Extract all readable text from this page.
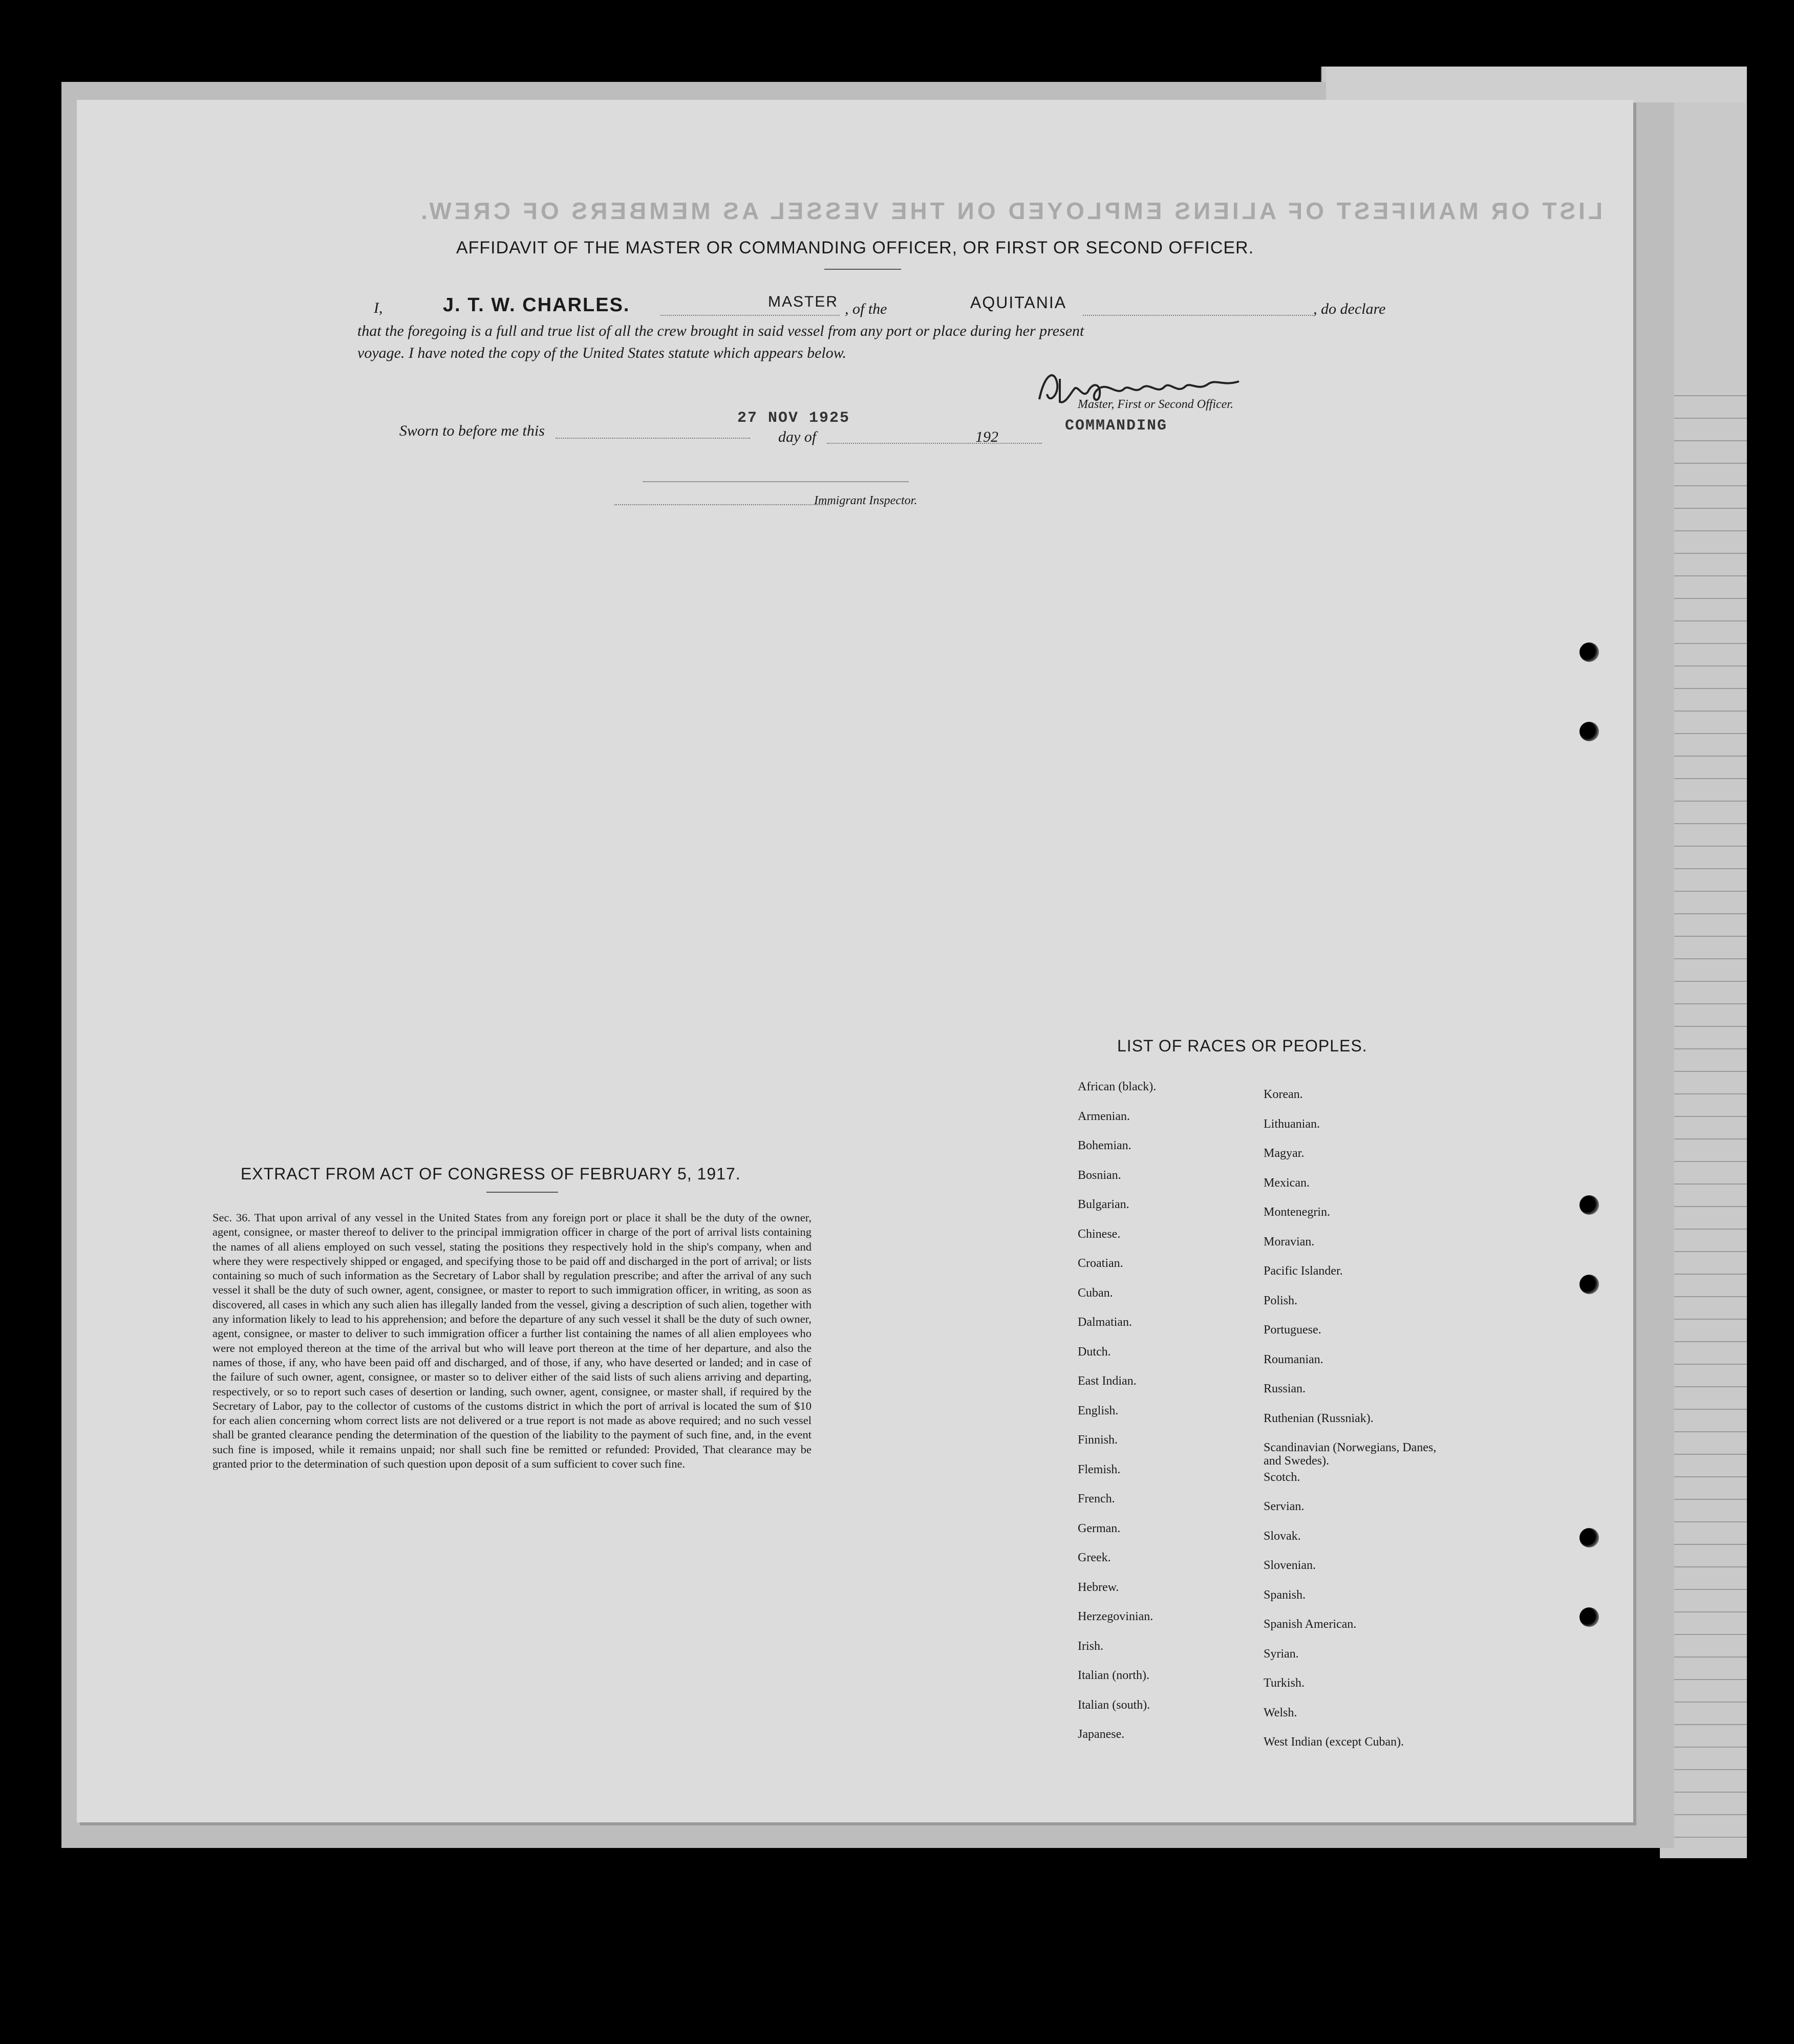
LIST OR MANIFEST OF ALIENS EMPLOYED ON THE VESSEL AS MEMBERS OF CREW.
AFFIDAVIT OF THE MASTER OR COMMANDING OFFICER, OR FIRST OR SECOND OFFICER.
I,	J. T. W. CHARLES.	MASTER , of the	AQUITANIA	, do declare
that the foregoing is a full and true list of all the crew brought in said vessel from any port or place during her present
voyage. I have noted the copy of the United States statute which appears below.
Master, First or Second Officer.
Sworn to before me this
27 NOV 1925
day of	192
COMMANDING
Immigrant Inspector.
EXTRACT FROM ACT OF CONGRESS OF FEBRUARY 5, 1917.
Sec. 36. That upon arrival of any vessel in the United States from any foreign port or place it shall be the duty of the owner, agent, consignee, or master thereof to deliver to the principal immigration officer in charge of the port of arrival lists containing the names of all aliens employed on such vessel, stating the positions they respectively hold in the ship's company, when and where they were respectively shipped or engaged, and specifying those to be paid off and discharged in the port of arrival; or lists containing so much of such information as the Secretary of Labor shall by regulation prescribe; and after the arrival of any such vessel it shall be the duty of such owner, agent, consignee, or master to report to such immigration officer, in writing, as soon as discovered, all cases in which any such alien has illegally landed from the vessel, giving a description of such alien, together with any information likely to lead to his apprehension; and before the departure of any such vessel it shall be the duty of such owner, agent, consignee, or master to deliver to such immigration officer a further list containing the names of all alien employees who were not employed thereon at the time of the arrival but who will leave port thereon at the time of her departure, and also the names of those, if any, who have been paid off and discharged, and of those, if any, who have deserted or landed; and in case of the failure of such owner, agent, consignee, or master so to deliver either of the said lists of such aliens arriving and departing, respectively, or so to report such cases of desertion or landing, such owner, agent, consignee, or master shall, if required by the Secretary of Labor, pay to the collector of customs of the customs district in which the port of arrival is located the sum of $10 for each alien concerning whom correct lists are not delivered or a true report is not made as above required; and no such vessel shall be granted clearance pending the determination of the question of the liability to the payment of such fine, and, in the event such fine is imposed, while it remains unpaid; nor shall such fine be remitted or refunded: Provided, That clearance may be granted prior to the determination of such question upon deposit of a sum sufficient to cover such fine.
LIST OF RACES OR PEOPLES.
African (black).
Armenian.
Bohemian.
Bosnian.
Bulgarian.
Chinese.
Croatian.
Cuban.
Dalmatian.
Dutch.
East Indian.
English.
Finnish.
Flemish.
French.
German.
Greek.
Hebrew.
Herzegovinian.
Irish.
Italian (north).
Italian (south).
Japanese.
Korean.
Lithuanian.
Magyar.
Mexican.
Montenegrin.
Moravian.
Pacific Islander.
Polish.
Portuguese.
Roumanian.
Russian.
Ruthenian (Russniak).
Scandinavian (Norwegians, Danes, and Swedes).
Scotch.
Servian.
Slovak.
Slovenian.
Spanish.
Spanish American.
Syrian.
Turkish.
Welsh.
West Indian (except Cuban).
